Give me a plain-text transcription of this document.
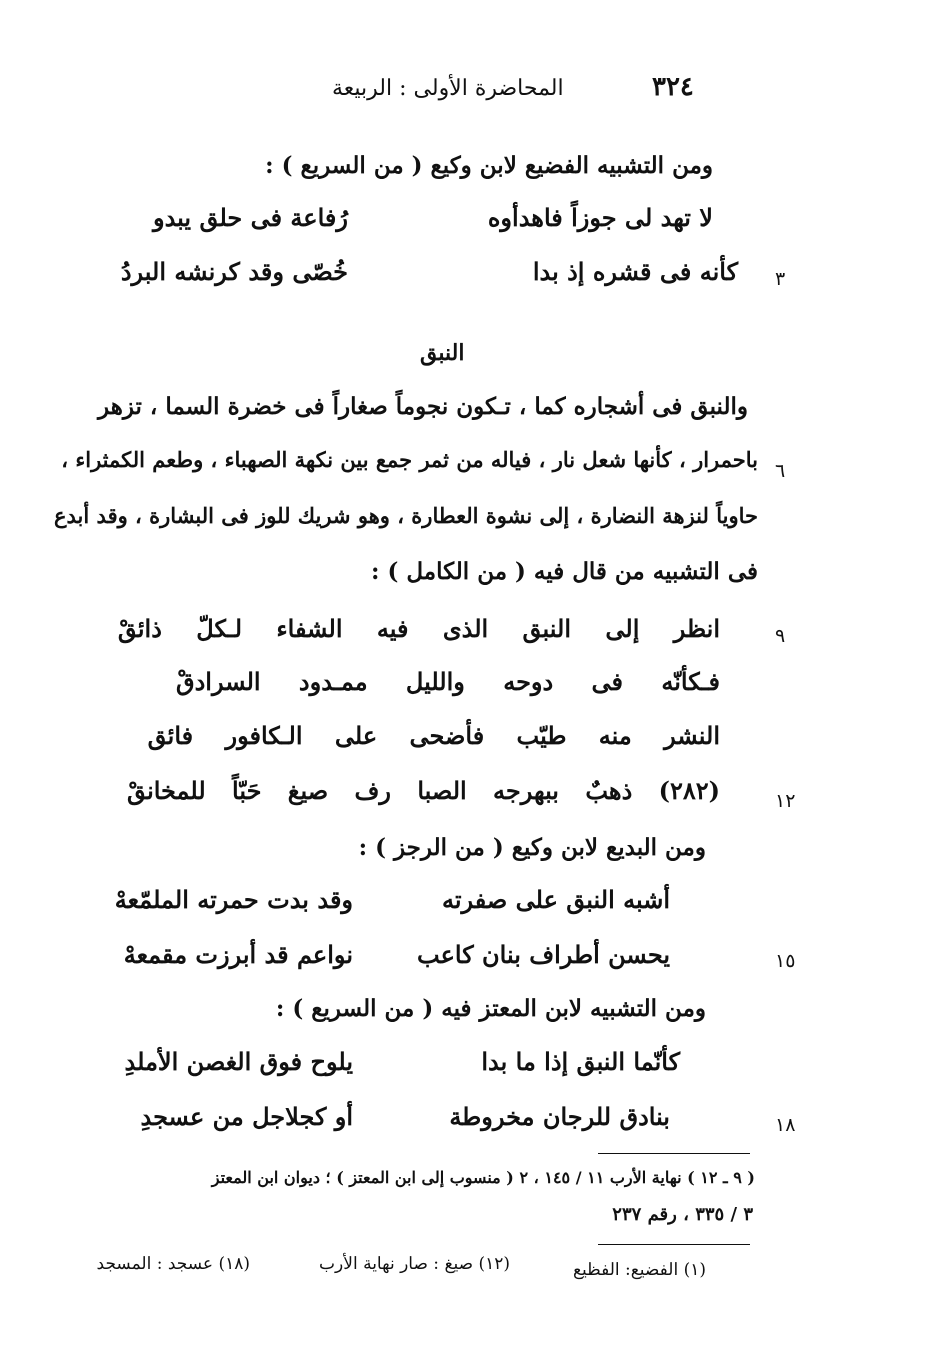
٣٢٤
المحاضرة الأولى : الربيعة
ومن التشبيه الفضيع لابن وكيع ( من السريع ) :
لا تهد لى جوزاً فاهدأوه
رُفاعة فى حلق يبدو
٣
كأنه فى قشره إذ بدا
خُصّى وقد كرنشه البردُ
النبق
والنبق فى أشجاره كما ، تـكون نجوماً صغاراً فى خضرة السما ، تزهر
٦
باحمرار ، كأنها شعل نار ، فياله من ثمر جمع بين نكهة الصهباء ، وطعم الكمثراء ،
حاوياً لنزهة النضارة ، إلى نشوة العطارة ، وهو شريك للوز فى البشارة ، وقد أبدع
فى التشبيه من قال فيه ( من الكامل ) :
٩
انظر إلى النبق الذى فيه الشفاء لـكلّ ذائقْ
فـكأنّه فى دوحه والليل ممـدود السرادقْ
النشر منه طيّب فأضحى على الـكافور فائق
١٢
(٢٨٢) ذهبٌ ببهرجه الصبا رف صيغ حَبّاً للمخانقْ
ومن البديع لابن وكيع ( من الرجز ) :
أشبه النبق على صفرته
وقد بدت حمرته الملمّعهْ
١٥
يحسن أطراف بنان كاعب
نواعم قد أبرزت مقمعهْ
ومن التشبيه لابن المعتز فيه ( من السريع ) :
كأنّما النبق إذا ما بدا
يلوح فوق الغصن الأملدِ
١٨
بنادق للرجان مخروطة
أو كجلاجل من عسجدِ
( ٩ ـ ١٢ ) نهاية الأرب ١١ / ١٤٥ ، ٢ ( منسوب إلى ابن المعتز ) ؛ ديوان ابن المعتز
٣ / ٣٣٥ ، رقم ٢٣٧
(١) الفضيع: الفظيع
(١٢) صيغ : صار نهاية الأرب
(١٨) عسجد : المسجد
